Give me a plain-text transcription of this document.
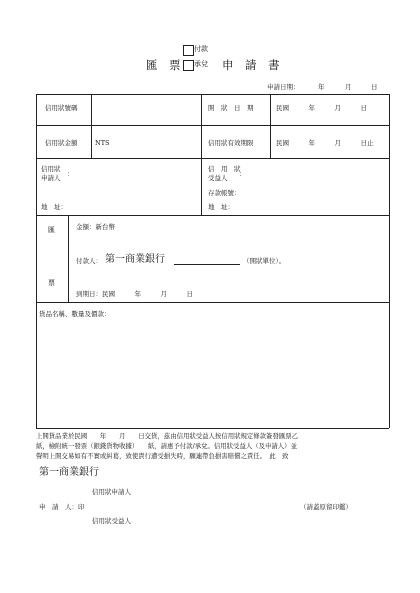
匯　票
付款
承兌 申　請　書
申請日期：	年	月	日
信用狀號碼	開　狀　日　期	民國　　　年　　　月　　　日
信用狀金額	NTS	信用狀有效期限	民國　　　年　　　月　　　日止
信用狀
申請人 ：
地　址：
信　用　狀
受益人 ：
存款帳號：
地　址：
匯
票
金額：新台幣
付款人： 第一商業銀行	（開狀單位）。
到期日：民國　　　年　　　月　　　日
貨品名稱、數量及價款：
上開貨品業於民國　　年　　月　　日交貨，茲由信用狀受益人按信用狀規定條款簽發匯票乙
紙，檢附統一發票（銀錢貨物收據）　　紙，請惠予付款/承兌。信用狀受益人（及申請人）並
聲明上開交易如有不實或糾葛，致使貴行遭受損失時，願連帶負損害賠償之責任。　此　致
第一商業銀行
信用狀申請人
申　請　人：印	（請蓋原留印鑑）
信用狀受益人
